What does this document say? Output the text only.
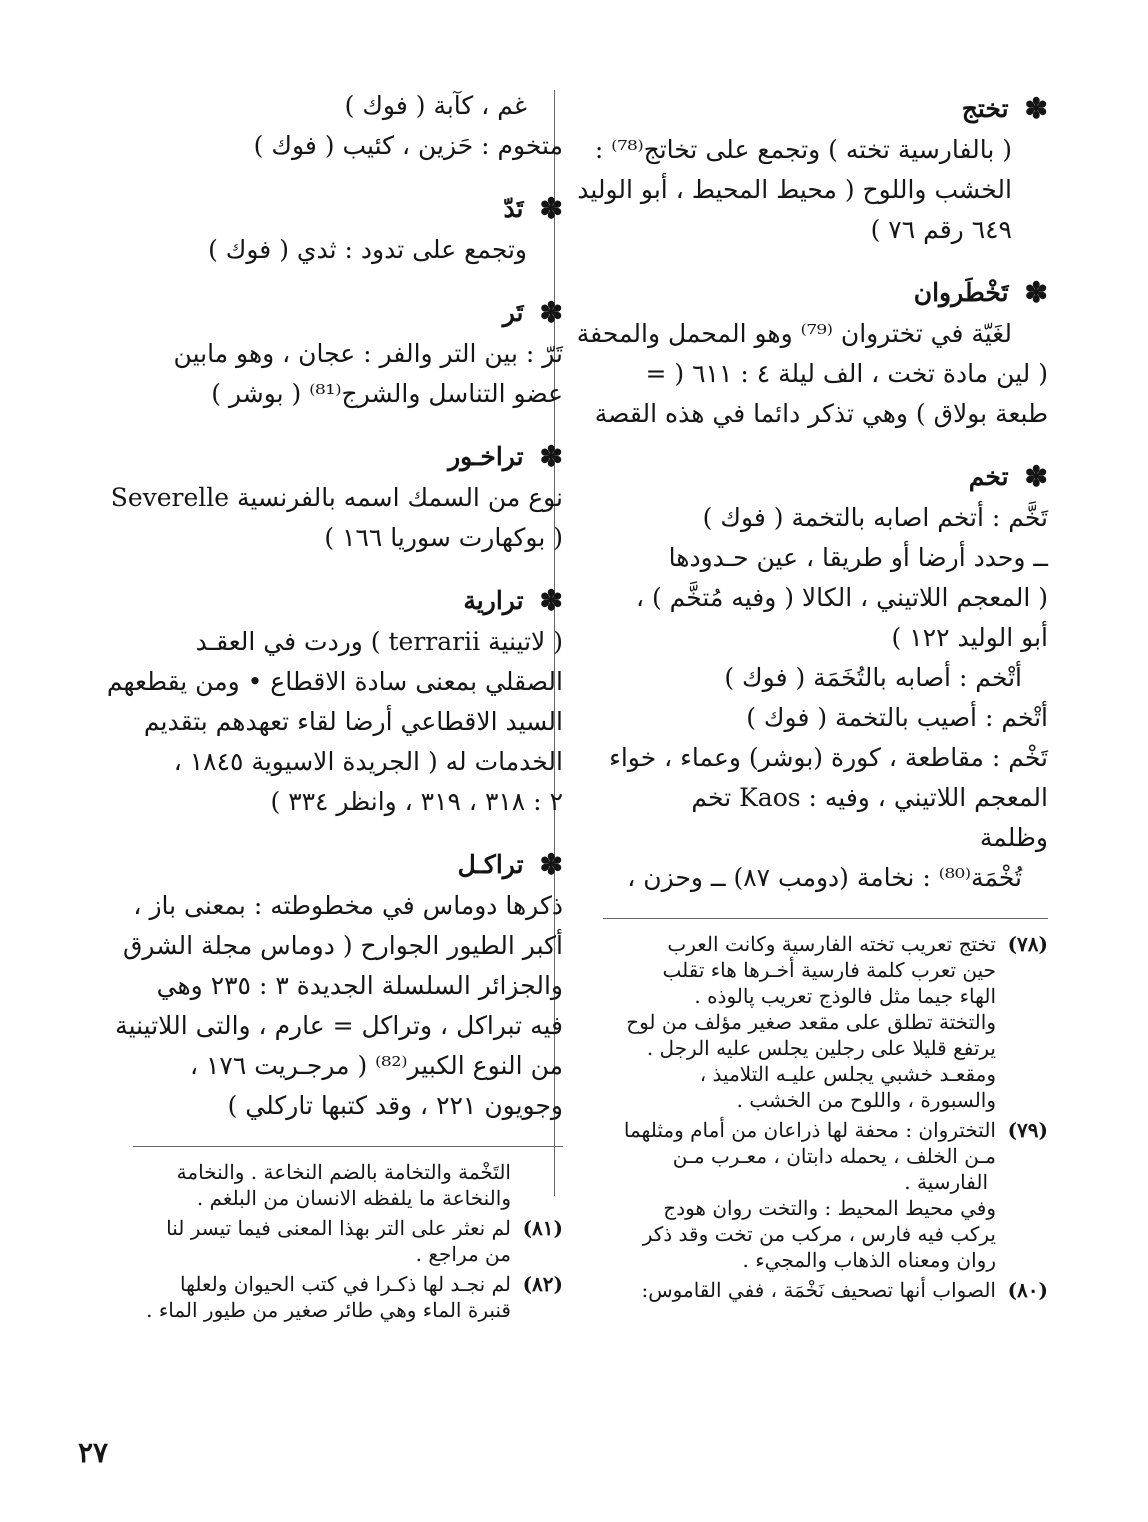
✽
تختج
( بالفارسية تخته ) وتجمع على تخاتج⁽⁷⁸⁾ :
الخشب واللوح ( محيط المحيط ، أبو الوليد
٦٤٩ رقم ٧٦ )
✽
تَخْطَروان
لغَيّة في تختروان ⁽⁷⁹⁾ وهو المحمل والمحفة
( لين مادة تخت ، الف ليلة ٤ : ٦١١ ( =
طبعة بولاق ) وهي تذكر دائما في هذه القصة
✽
تخم
تَخَّم : أتخم اصابه بالتخمة ( فوك )
ــ وحدد أرضا أو طريقا ، عين حـدودها
( المعجم اللاتيني ، الكالا ( وفيه مُتخَّم ) ،
أبو الوليد ١٢٢ )
أتْخم : أصابه بالتُخَمَة ( فوك )
أتْخم : أصيب بالتخمة ( فوك )
تَخْم : مقاطعة ، كورة (بوشر) وعماء ، خواء
المعجم اللاتيني ، وفيه : Kaos تخم
وظلمة
تُخْمَة⁽⁸⁰⁾ : نخامة (دومب ٨٧) ــ وحزن ،
(٧٨)
تختج تعريب تخته الفارسية وكانت العرب
حين تعرب كلمة فارسية أخـرها هاء تقلب
الهاء جيما مثل فالوذج تعريب پالوذه .
والتختة تطلق على مقعد صغير مؤلف من لوح
يرتفع قليلا على رجلين يجلس عليه الرجل .
ومقعـد خشبي يجلس عليـه التلاميذ ،
والسبورة ، واللوح من الخشب .
(٧٩)
التختروان : محفة لها ذراعان من أمام ومثلهما
مـن الخلف ، يحمله دابتان ، معـرب مـن
الفارسية .
وفي محيط المحيط : والتخت روان هودج
يركب فيه فارس ، مركب من تخت وقد ذكر
روان ومعناه الذهاب والمجيء .
(٨٠)
الصواب أنها تصحيف نَخْمَة ، ففي القاموس:
غم ، كآبة ( فوك )
متخوم : حَزين ، كئيب ( فوك )
✽
تَدّ
وتجمع على تدود : ثدي ( فوك )
✽
تَر
تَرّ : بين التر والفر : عجان ، وهو مابين
عضو التناسل والشرج⁽⁸¹⁾ ( بوشر )
✽
تراخـور
نوع من السمك اسمه بالفرنسية Severelle
( بوكهارت سوريا ١٦٦ )
✽
ترارية
( لاتينية terrarii ) وردت في العقـد
الصقلي بمعنى سادة الاقطاع • ومن يقطعهم
السيد الاقطاعي أرضا لقاء تعهدهم بتقديم
الخدمات له ( الجريدة الاسيوية ١٨٤٥ ،
٢ : ٣١٨ ، ٣١٩ ، وانظر ٣٣٤ )
✽
تراكـل
ذكرها دوماس في مخطوطته : بمعنى باز ،
أكبر الطيور الجوارح ( دوماس مجلة الشرق
والجزائر السلسلة الجديدة ٣ : ٢٣٥ وهي
فيه تبراكل ، وتراكل = عارم ، والتى اللاتينية
من النوع الكبير⁽⁸²⁾ ( مرجـريت ١٧٦ ،
وجويون ٢٢١ ، وقد كتبها تاركلي )
التَخْمة والتخامة بالضم النخاعة . والنخامة
والنخاعة ما يلفظه الانسان من البلغم .
(٨١)
لم نعثر على التر بهذا المعنى فيما تيسر لنا
من مراجع .
(٨٢)
لم نجـد لها ذكـرا في كتب الحيوان ولعلها
قنبرة الماء وهي طائر صغير من طيور الماء .
٢٧
